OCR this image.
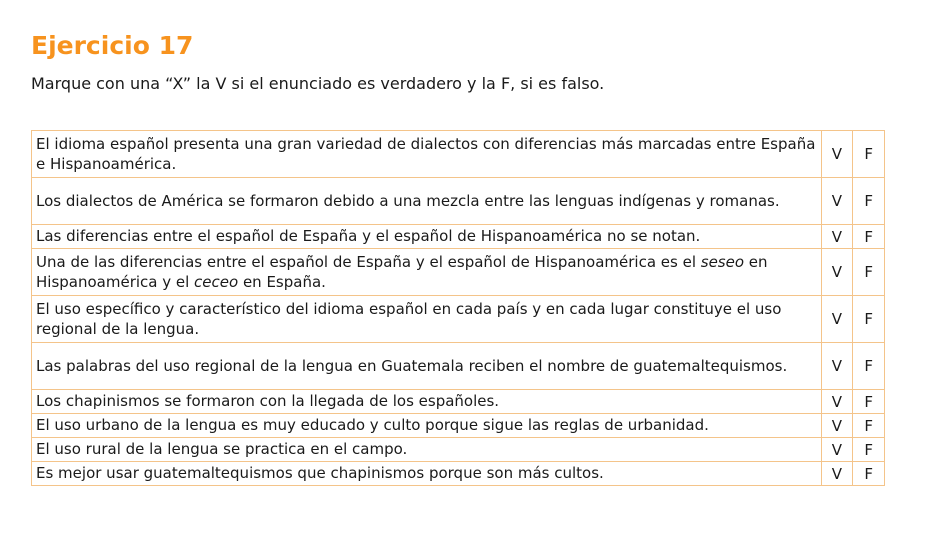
Ejercicio 17

Marque con una “X” la V si el enunciado es verdadero y la F, si es falso.

El idioma español presenta una gran variedad de dialectos con diferencias más marcadas entre España e Hispanoamérica.	V	F
Los dialectos de América se formaron debido a una mezcla entre las lenguas indígenas y romanas.	V	F
Las diferencias entre el español de España y el español de Hispanoamérica no se notan.	V	F
Una de las diferencias entre el español de España y el español de Hispanoamérica es el seseo en Hispanoamérica y el ceceo en España.	V	F
El uso específico y característico del idioma español en cada país y en cada lugar constituye el uso regional de la lengua.	V	F
Las palabras del uso regional de la lengua en Guatemala reciben el nombre de guatemaltequismos.	V	F
Los chapinismos se formaron con la llegada de los españoles.	V	F
El uso urbano de la lengua es muy educado y culto porque sigue las reglas de urbanidad.	V	F
El uso rural de la lengua se practica en el campo.	V	F
Es mejor usar guatemaltequismos que chapinismos porque son más cultos.	V	F
